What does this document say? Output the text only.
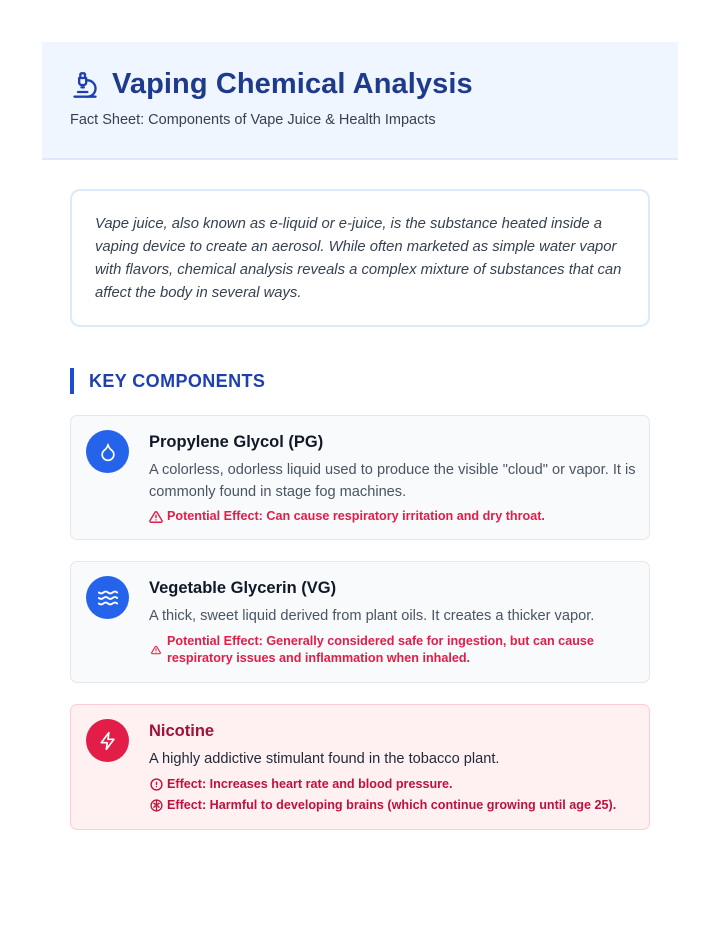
Vaping Chemical Analysis
Fact Sheet: Components of Vape Juice & Health Impacts

Vape juice, also known as e-liquid or e-juice, is the substance heated inside a vaping device to create an aerosol. While often marketed as simple water vapor with flavors, chemical analysis reveals a complex mixture of substances that can affect the body in several ways.

KEY COMPONENTS
Propylene Glycol (PG)
A colorless, odorless liquid used to produce the visible "cloud" or vapor. It is commonly found in stage fog machines.
Potential Effect: Can cause respiratory irritation and dry throat.
Vegetable Glycerin (VG)
A thick, sweet liquid derived from plant oils. It creates a thicker vapor.
Potential Effect: Generally considered safe for ingestion, but can cause respiratory issues and inflammation when inhaled.
Nicotine
A highly addictive stimulant found in the tobacco plant.
Effect: Increases heart rate and blood pressure.
Effect: Harmful to developing brains (which continue growing until age 25).
